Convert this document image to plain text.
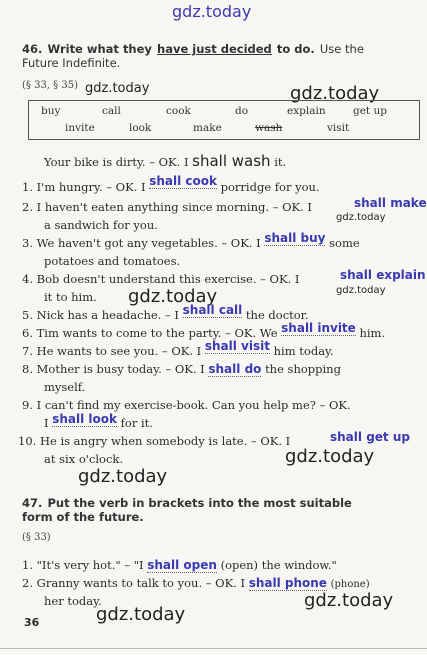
gdz.today
46. Write what they have just decided to do. Use the
Future Indefinite.
(§ 33, § 35) gdz.today	gdz.today
buy	call	cook	do	explain	get up
invite	look	make	wash	visit
Your bike is dirty. – OK. I shall wash it.
1. I'm hungry. – OK. I shall cook porridge for you.
2. I haven't eaten anything since morning. – OK. I	shall make
gdz.today
a sandwich for you.
3. We haven't got any vegetables. – OK. I shall buy some
potatoes and tomatoes.
4. Bob doesn't understand this exercise. – OK. I	shall explain
gdz.today
it to him. gdz.today
5. Nick has a headache. – I shall call the doctor.
6. Tim wants to come to the party. – OK. We shall invite him.
7. He wants to see you. – OK. I shall visit him today.
8. Mother is busy today. – OK. I shall do the shopping
myself.
9. I can't find my exercise-book. Can you help me? – OK.
I shall look for it.
10. He is angry when somebody is late. – OK. I	shall get up
at six o'clock.	gdz.today
gdz.today
47. Put the verb in brackets into the most suitable
form of the future.
(§ 33)
1. "It's very hot." – "I shall open (open) the window."
2. Granny wants to talk to you. – OK. I shall phone (phone)
her today.	gdz.today
36	gdz.today
